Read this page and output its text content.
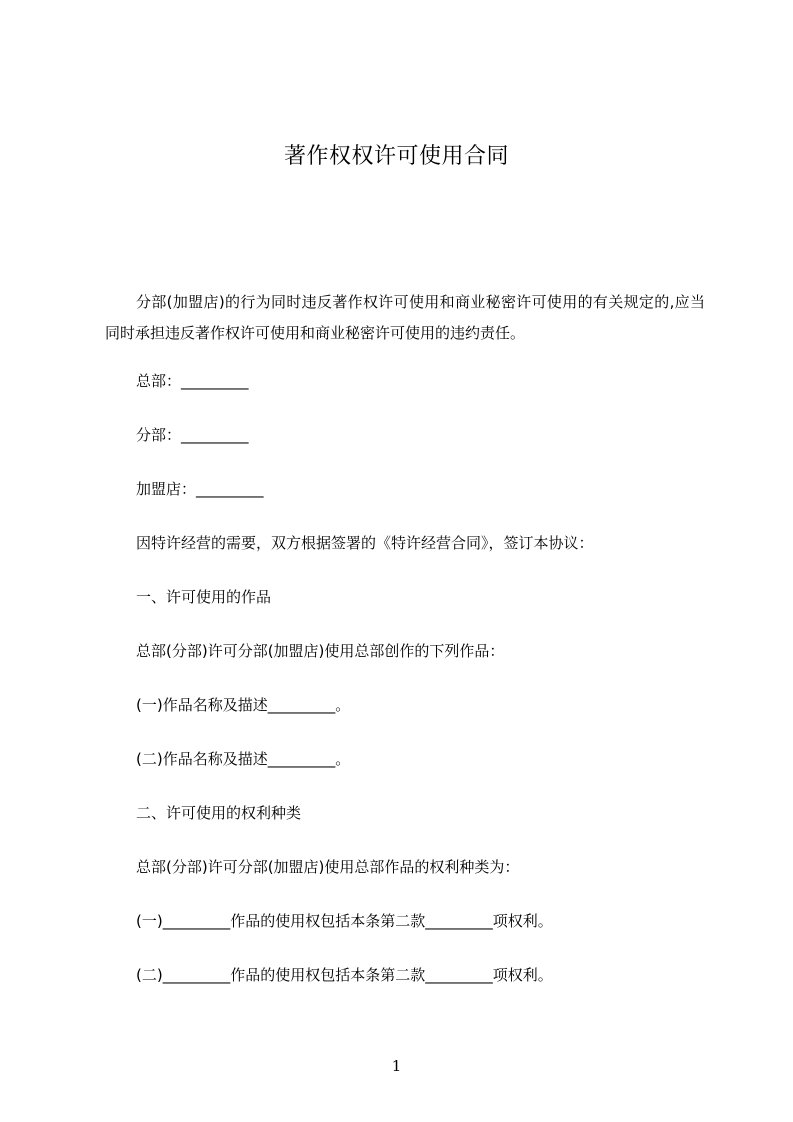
著作权权许可使用合同
分部(加盟店)的行为同时违反著作权许可使用和商业秘密许可使用的有关规定的,应当同时承担违反著作权许可使用和商业秘密许可使用的违约责任。
总部：_________
分部：_________
加盟店：_________
因特许经营的需要，双方根据签署的《特许经营合同》，签订本协议：
一、许可使用的作品
总部(分部)许可分部(加盟店)使用总部创作的下列作品：
(一)作品名称及描述_________。
(二)作品名称及描述_________。
二、许可使用的权利种类
总部(分部)许可分部(加盟店)使用总部作品的权利种类为：
(一)_________作品的使用权包括本条第二款_________项权利。
(二)_________作品的使用权包括本条第二款_________项权利。
1
